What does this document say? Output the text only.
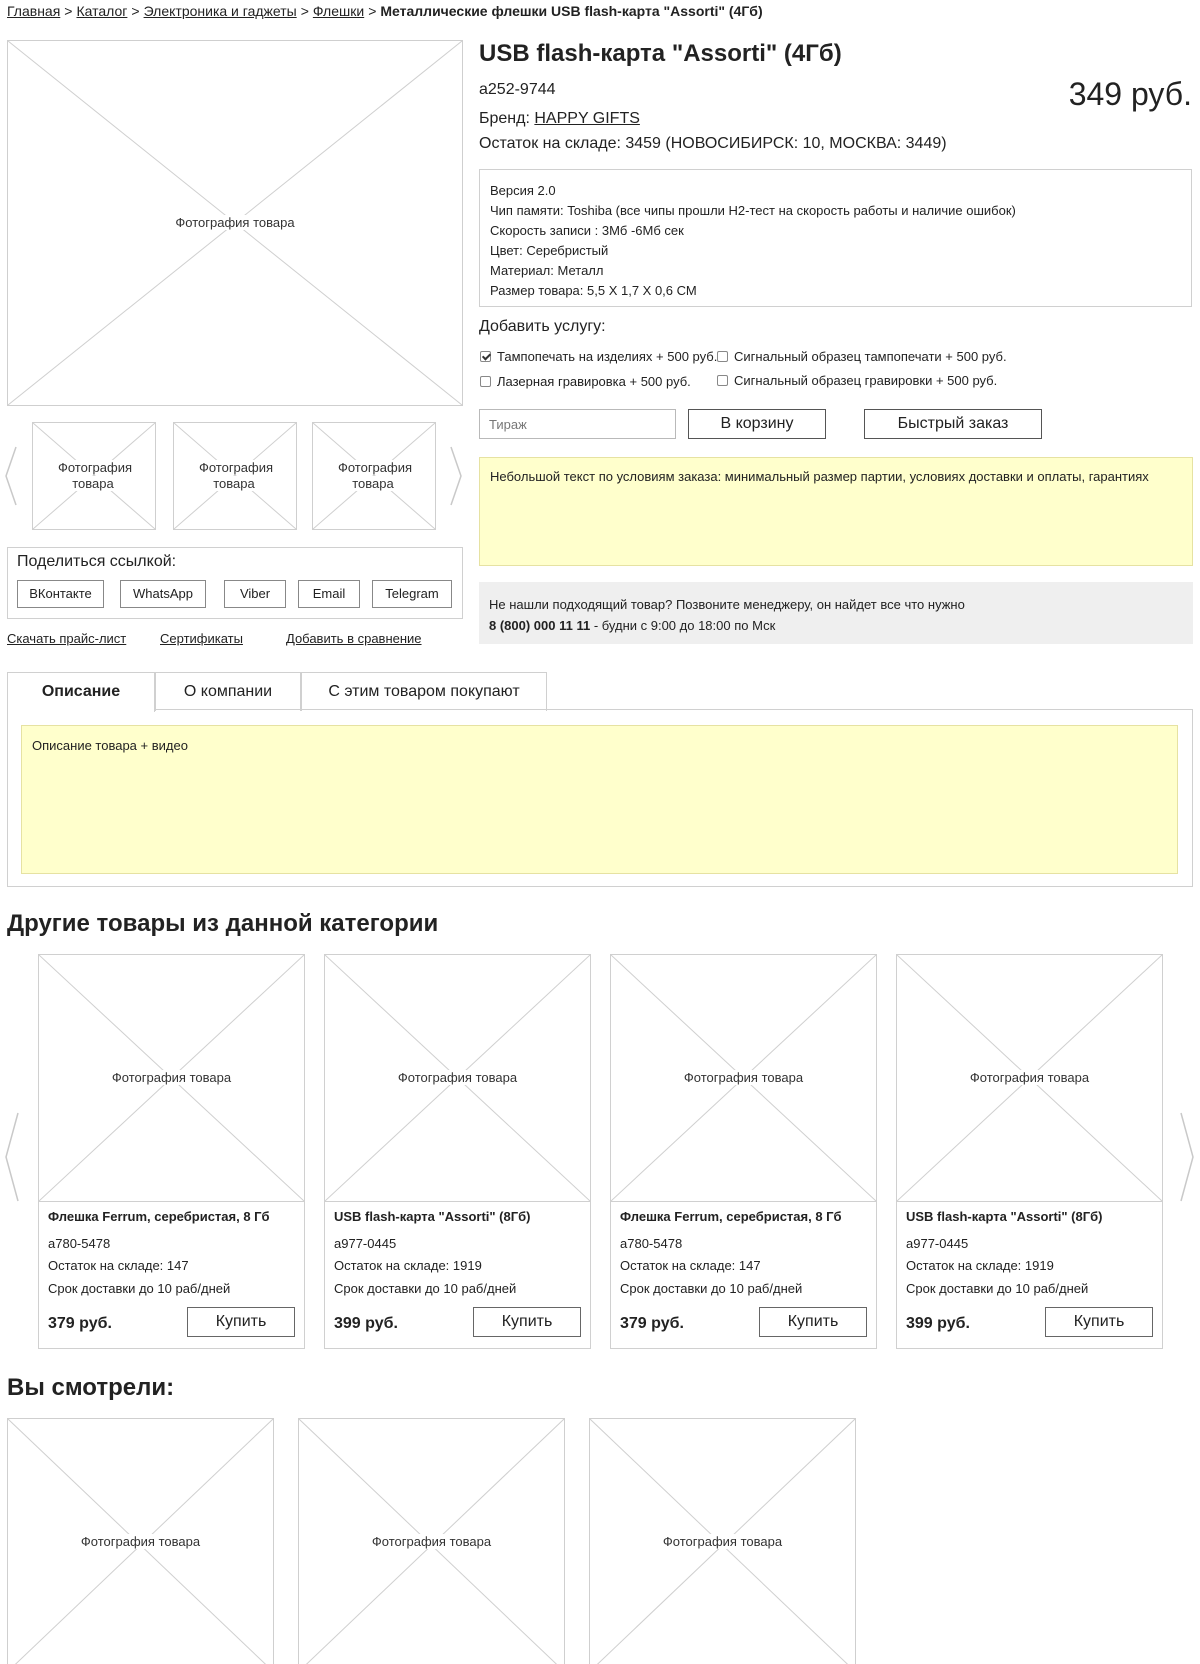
Главная > Каталог > Электроника и гаджеты > Флешки > Металлические флешки USB flash-карта "Assorti" (4Гб)
Фотография товара
Фотография товара
Фотография товара
Фотография товара
Поделиться ссылкой:
ВКонтакте	WhatsApp	Viber	Email	Telegram
Скачать прайс-лист	Сертификаты	Добавить в сравнение
USB flash-карта "Assorti" (4Гб)
a252-9744	349 руб.
Бренд: HAPPY GIFTS
Остаток на складе: 3459 (НОВОСИБИРСК: 10, МОСКВА: 3449)
Версия 2.0
Чип памяти: Toshiba (все чипы прошли H2-тест на скорость работы и наличие ошибок)
Скорость записи : 3Мб -6Мб сек
Цвет: Серебристый
Материал: Металл
Размер товара: 5,5 Х 1,7 Х 0,6 СМ
Добавить услугу:
Тампопечать на изделиях + 500 руб. Сигнальный образец тампопечати + 500 руб.
Лазерная гравировка + 500 руб.	Сигнальный образец гравировки + 500 руб.
Тираж
В корзину	Быстрый заказ
Небольшой текст по условиям заказа: минимальный размер партии, условиях доставки и оплаты, гарантиях
Не нашли подходящий товар? Позвоните менеджеру, он найдет все что нужно
8 (800) 000 11 11 - будни с 9:00 до 18:00 по Мск
Описание	О компании	С этим товаром покупают
Описание товара + видео
Другие товары из данной категории
Фотография товара
Флешка Ferrum, серебристая, 8 Гб
a780-5478
Остаток на складе: 147
Срок доставки до 10 раб/дней
379 руб.	Купить
Фотография товара
USB flash-карта "Assorti" (8Гб)
a977-0445
Остаток на складе: 1919
Срок доставки до 10 раб/дней
399 руб.	Купить
Фотография товара
Флешка Ferrum, серебристая, 8 Гб
a780-5478
Остаток на складе: 147
Срок доставки до 10 раб/дней
379 руб.	Купить
Фотография товара
USB flash-карта "Assorti" (8Гб)
a977-0445
Остаток на складе: 1919
Срок доставки до 10 раб/дней
399 руб.	Купить
Вы смотрели:
Фотография товара	Фотография товара	Фотография товара
